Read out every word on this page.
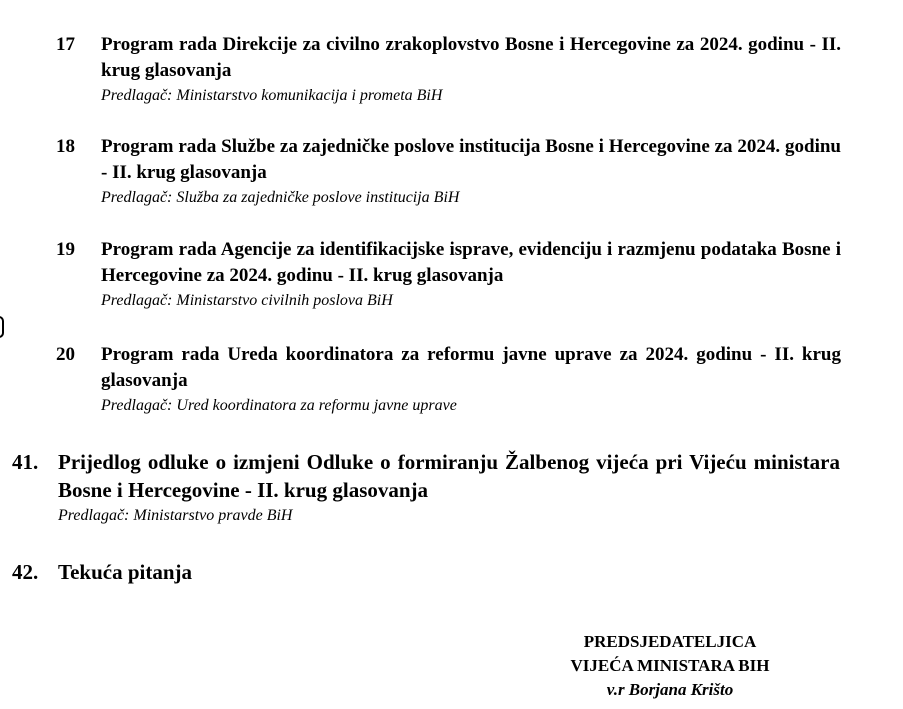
17	Program rada Direkcije za civilno zrakoplovstvo Bosne i Hercegovine za 2024. godinu - II. krug glasovanja
Predlagač: Ministarstvo komunikacija i prometa BiH
18	Program rada Službe za zajedničke poslove institucija Bosne i Hercegovine za 2024. godinu - II. krug glasovanja
Predlagač: Služba za zajedničke poslove institucija BiH
19	Program rada Agencije za identifikacijske isprave, evidenciju i razmjenu podataka Bosne i Hercegovine za 2024. godinu - II. krug glasovanja
Predlagač: Ministarstvo civilnih poslova BiH
20	Program rada Ureda koordinatora za reformu javne uprave za 2024. godinu - II. krug glasovanja
Predlagač: Ured koordinatora za reformu javne uprave
41. Prijedlog odluke o izmjeni Odluke o formiranju Žalbenog vijeća pri Vijeću ministara Bosne i Hercegovine - II. krug glasovanja
Predlagač: Ministarstvo pravde BiH
42. Tekuća pitanja
PREDSJEDATELJICA
VIJEĆA MINISTARA BIH
v.r Borjana Krišto
